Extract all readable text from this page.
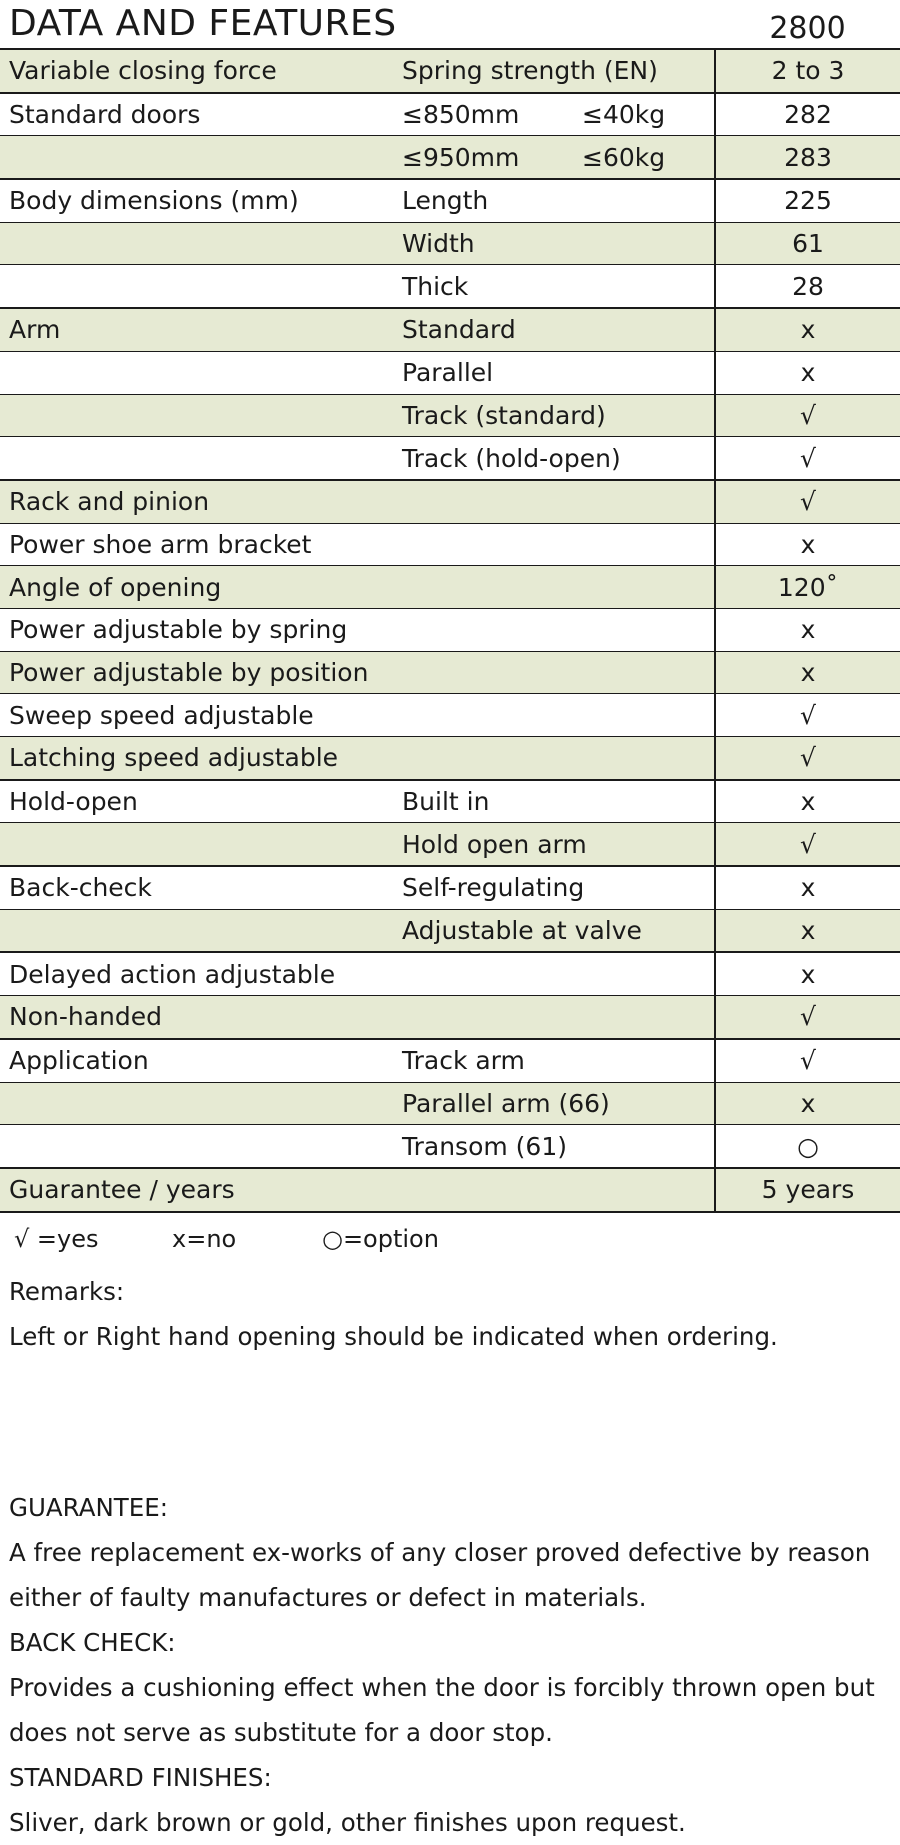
DATA AND FEATURES	2800
Variable closing force	Spring strength (EN)	2 to 3
Standard doors	≤850mm ≤40kg	282
	≤950mm ≤60kg	283
Body dimensions (mm)	Length	225
	Width	61
	Thick	28
Arm	Standard	x
	Parallel	x
	Track (standard)	√
	Track (hold-open)	√
Rack and pinion		√
Power shoe arm bracket		x
Angle of opening		120˚
Power adjustable by spring		x
Power adjustable by position		x
Sweep speed adjustable		√
Latching speed adjustable		√
Hold-open	Built in	x
	Hold open arm	√
Back-check	Self-regulating	x
	Adjustable at valve	x
Delayed action adjustable		x
Non-handed		√
Application	Track arm	√
	Parallel arm (66)	x
	Transom (61)	○
Guarantee / years		5 years
√ =yes	x=no	○=option
Remarks:
Left or Right hand opening should be indicated when ordering.
GUARANTEE:
A free replacement ex-works of any closer proved defective by reason either of faulty manufactures or defect in materials.
BACK CHECK:
Provides a cushioning effect when the door is forcibly thrown open but does not serve as substitute for a door stop.
STANDARD FINISHES:
Sliver, dark brown or gold, other finishes upon request.
